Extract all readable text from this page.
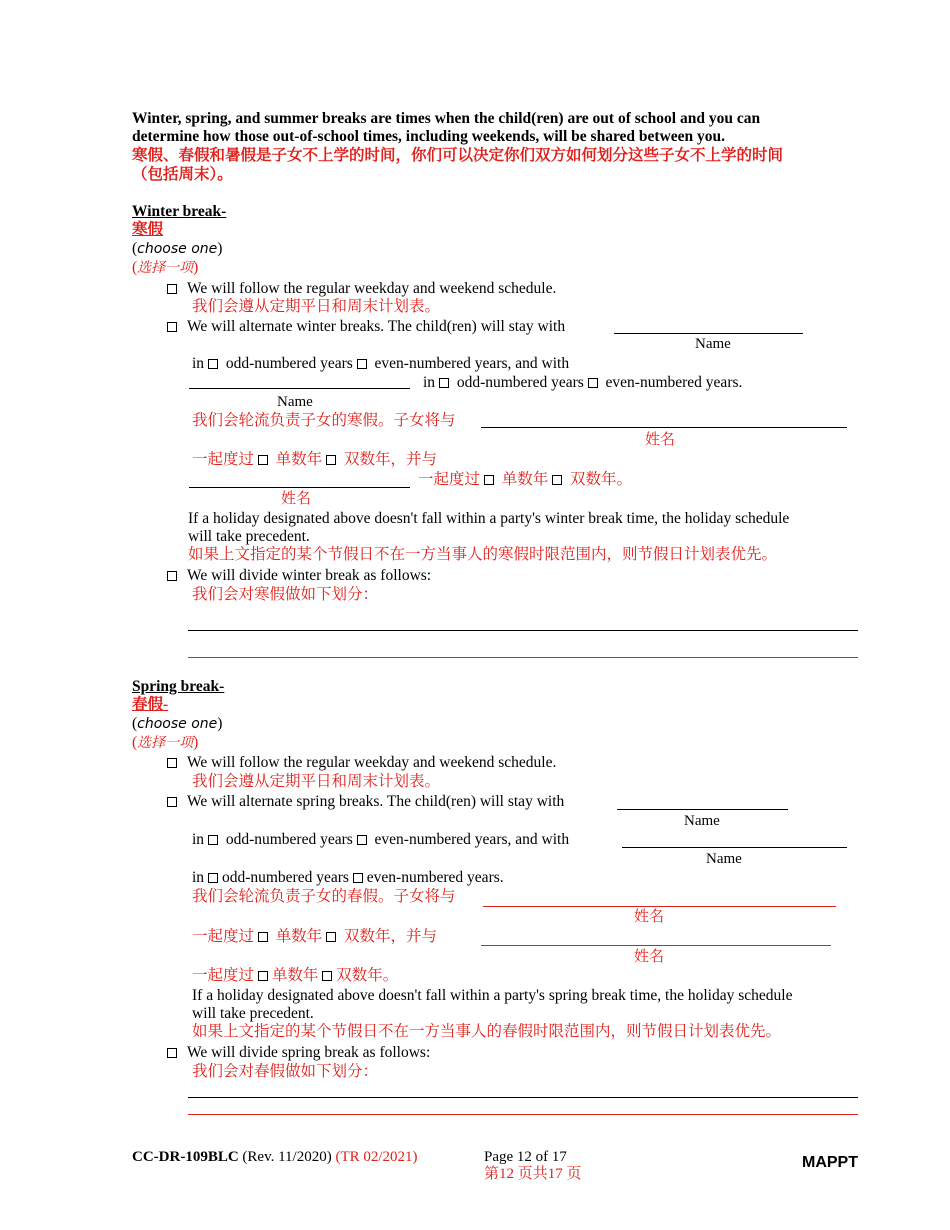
Winter, spring, and summer breaks are times when the child(ren) are out of school and you can
determine how those out-of-school times, including weekends, will be shared between you.
寒假、春假和暑假是子女不上学的时间，你们可以决定你们双方如何划分这些子女不上学的时间
（包括周末）。
Winter break-
寒假
(choose one)
(选择一项)
We will follow the regular weekday and weekend schedule.
我们会遵从定期平日和周末计划表。
We will alternate winter breaks. The child(ren) will stay with
Name
in odd-numbered years even-numbered years, and with
in odd-numbered years even-numbered years.
Name
我们会轮流负责子女的寒假。子女将与
姓名
一起度过 单数年 双数年，并与
一起度过 单数年 双数年。
姓名
If a holiday designated above doesn't fall within a party's winter break time, the holiday schedule
will take precedent.
如果上文指定的某个节假日不在一方当事人的寒假时限范围内，则节假日计划表优先。
We will divide winter break as follows:
我们会对寒假做如下划分：
Spring break-
春假-
(choose one)
(选择一项)
We will follow the regular weekday and weekend schedule.
我们会遵从定期平日和周末计划表。
We will alternate spring breaks. The child(ren) will stay with
Name
in odd-numbered years even-numbered years, and with
Name
in odd-numbered years even-numbered years.
我们会轮流负责子女的春假。子女将与
姓名
一起度过 单数年 双数年，并与
姓名
一起度过 单数年 双数年。
If a holiday designated above doesn't fall within a party's spring break time, the holiday schedule
will take precedent.
如果上文指定的某个节假日不在一方当事人的春假时限范围内，则节假日计划表优先。
We will divide spring break as follows:
我们会对春假做如下划分：
CC-DR-109BLC (Rev. 11/2020) (TR 02/2021)	Page 12 of 17
第12 页共17 页
MAPPT
